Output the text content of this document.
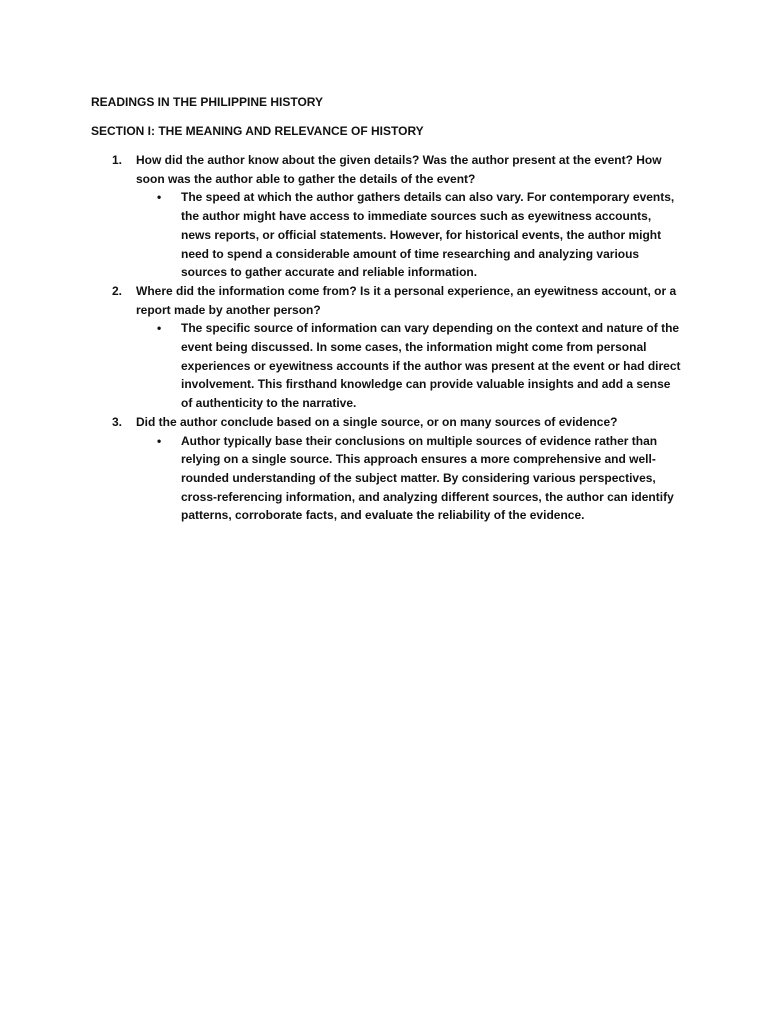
READINGS IN THE PHILIPPINE HISTORY
SECTION I: THE MEANING AND RELEVANCE OF HISTORY
1. How did the author know about the given details? Was the author present at the event? How soon was the author able to gather the details of the event?
• The speed at which the author gathers details can also vary. For contemporary events, the author might have access to immediate sources such as eyewitness accounts, news reports, or official statements. However, for historical events, the author might need to spend a considerable amount of time researching and analyzing various sources to gather accurate and reliable information.
2. Where did the information come from? Is it a personal experience, an eyewitness account, or a report made by another person?
• The specific source of information can vary depending on the context and nature of the event being discussed. In some cases, the information might come from personal experiences or eyewitness accounts if the author was present at the event or had direct involvement. This firsthand knowledge can provide valuable insights and add a sense of authenticity to the narrative.
3. Did the author conclude based on a single source, or on many sources of evidence?
• Author typically base their conclusions on multiple sources of evidence rather than relying on a single source. This approach ensures a more comprehensive and well-rounded understanding of the subject matter. By considering various perspectives, cross-referencing information, and analyzing different sources, the author can identify patterns, corroborate facts, and evaluate the reliability of the evidence.
